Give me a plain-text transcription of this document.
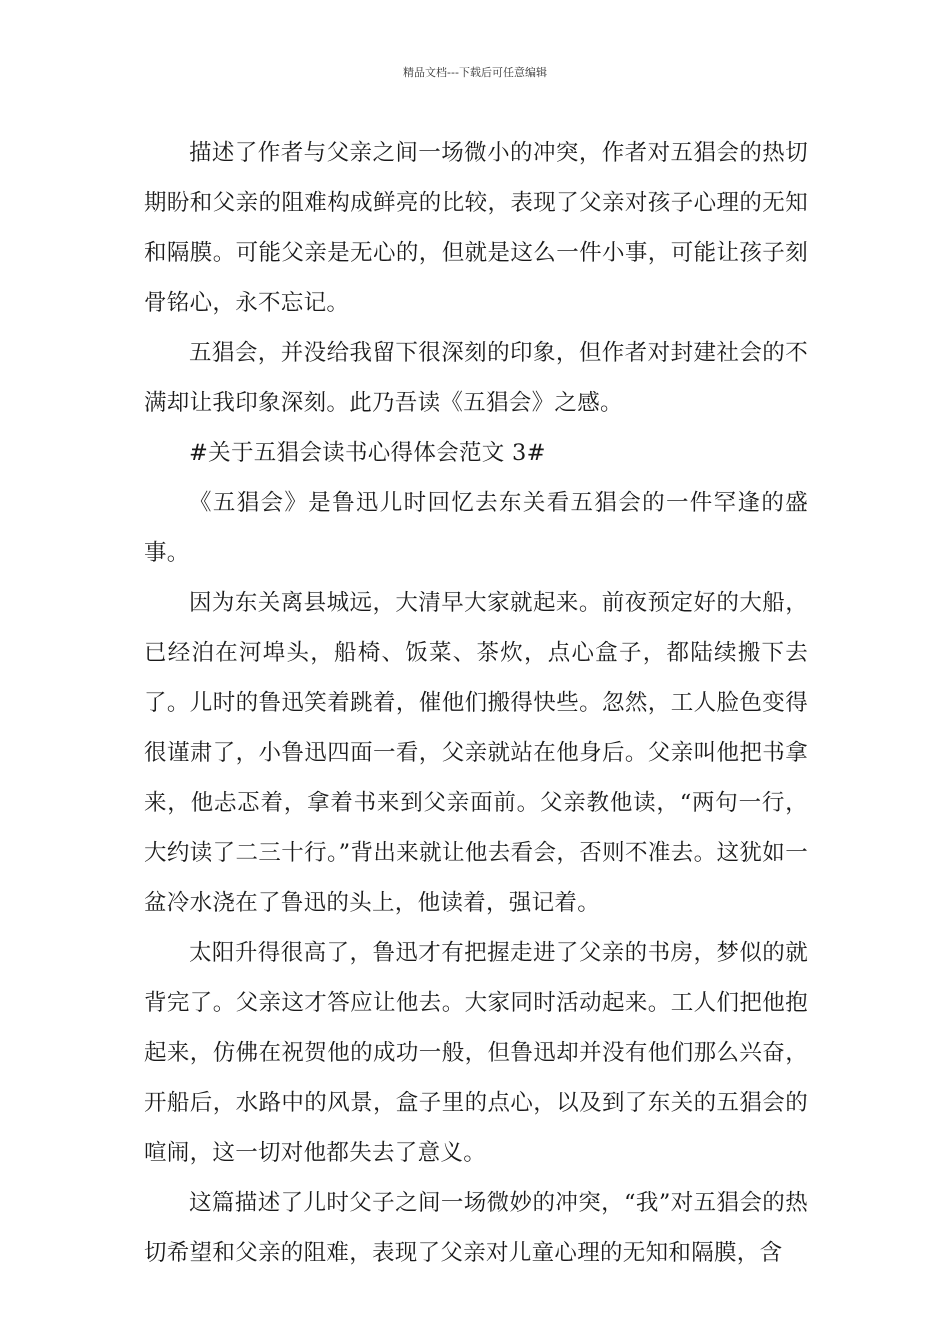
精品文档---下载后可任意编辑

描述了作者与父亲之间一场微小的冲突，作者对五猖会的热切期盼和父亲的阻难构成鲜亮的比较，表现了父亲对孩子心理的无知和隔膜。可能父亲是无心的，但就是这么一件小事，可能让孩子刻骨铭心，永不忘记。

五猖会，并没给我留下很深刻的印象，但作者对封建社会的不满却让我印象深刻。此乃吾读《五猖会》之感。

#关于五猖会读书心得体会范文 3#

《五猖会》是鲁迅儿时回忆去东关看五猖会的一件罕逢的盛事。

因为东关离县城远，大清早大家就起来。前夜预定好的大船，已经泊在河埠头，船椅、饭菜、茶炊，点心盒子，都陆续搬下去了。儿时的鲁迅笑着跳着，催他们搬得快些。忽然，工人脸色变得很谨肃了，小鲁迅四面一看，父亲就站在他身后。父亲叫他把书拿来，他忐忑着，拿着书来到父亲面前。父亲教他读，“两句一行，大约读了二三十行。”背出来就让他去看会，否则不准去。这犹如一盆冷水浇在了鲁迅的头上，他读着，强记着。

太阳升得很高了，鲁迅才有把握走进了父亲的书房，梦似的就背完了。父亲这才答应让他去。大家同时活动起来。工人们把他抱起来，仿佛在祝贺他的成功一般，但鲁迅却并没有他们那么兴奋，开船后，水路中的风景，盒子里的点心，以及到了东关的五猖会的喧闹，这一切对他都失去了意义。

这篇描述了儿时父子之间一场微妙的冲突，“我”对五猖会的热切希望和父亲的阻难，表现了父亲对儿童心理的无知和隔膜，含
